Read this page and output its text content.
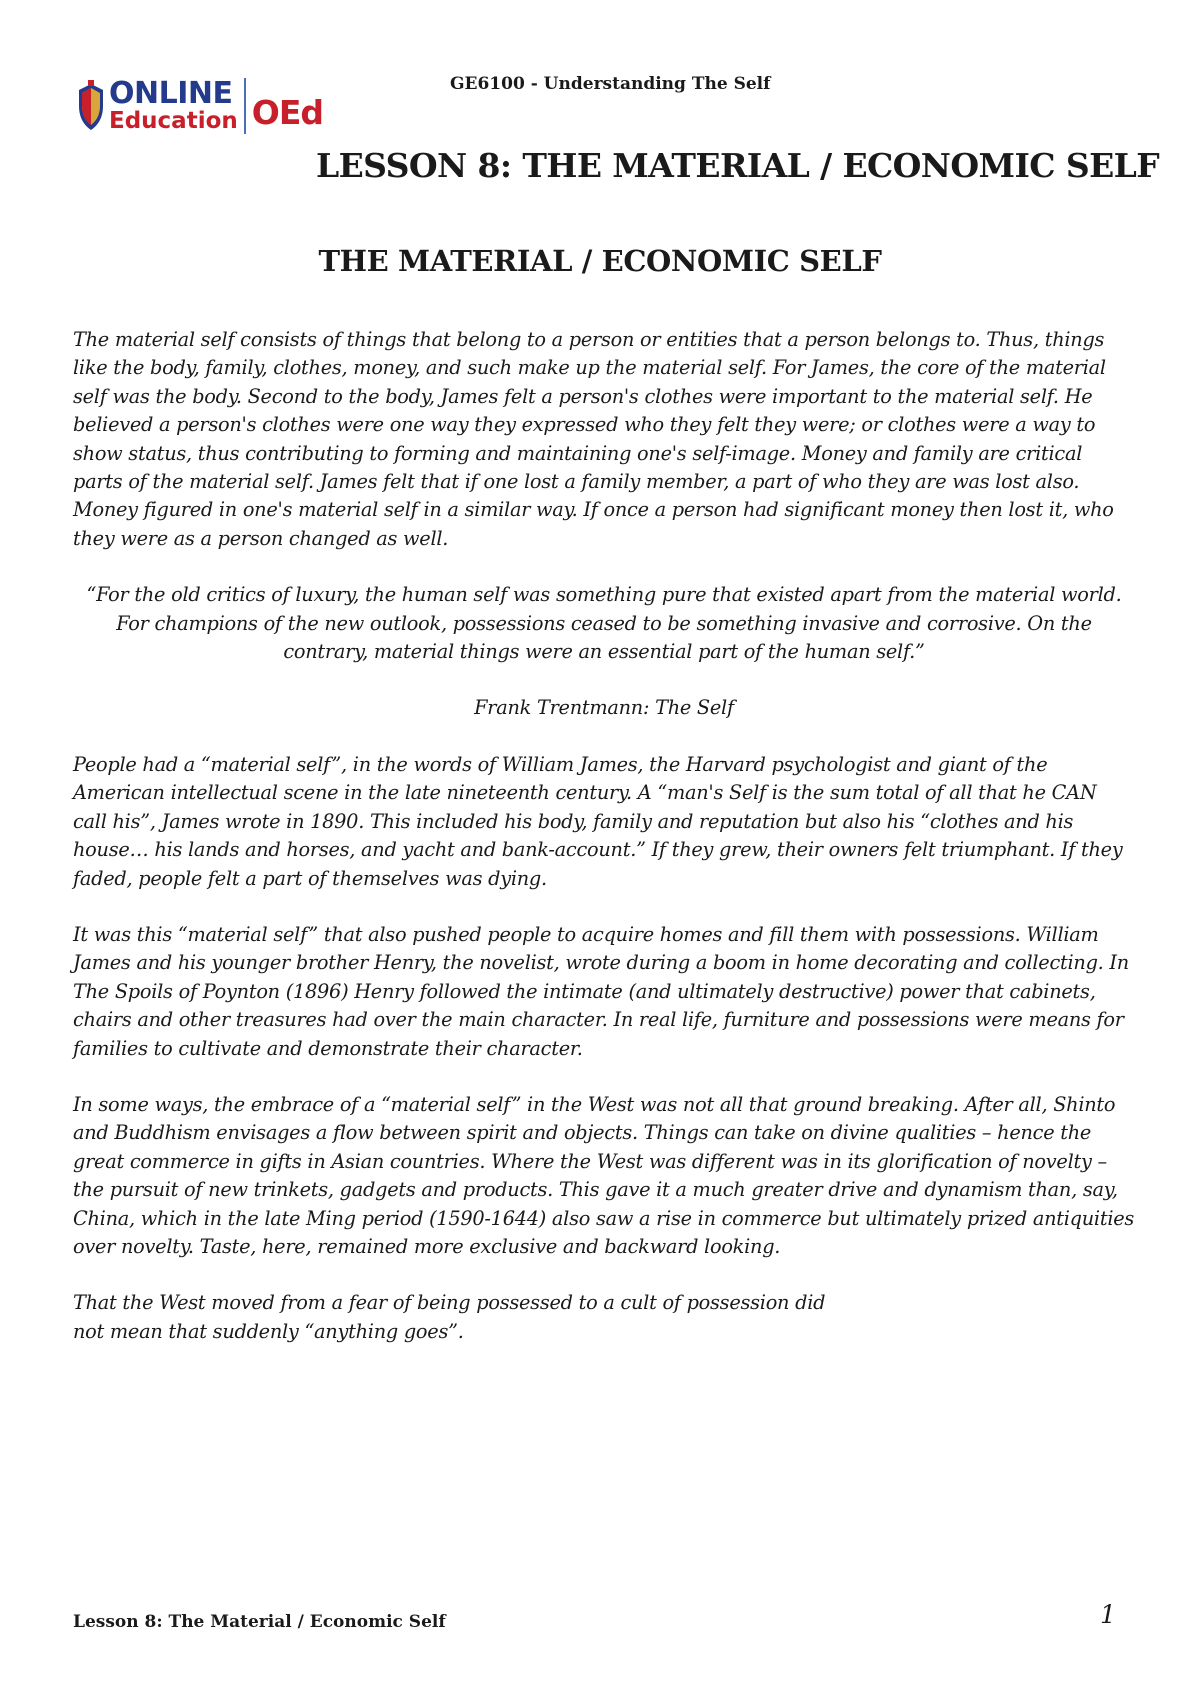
ONLINE
Education OEd
GE6100 - Understanding The Self
LESSON 8: THE MATERIAL / ECONOMIC SELF
THE MATERIAL / ECONOMIC SELF

The material self consists of things that belong to a person or entities that a person belongs to. Thus, things like the body, family, clothes, money, and such make up the material self. For James, the core of the material self was the body. Second to the body, James felt a person's clothes were important to the material self. He believed a person's clothes were one way they expressed who they felt they were; or clothes were a way to show status, thus contributing to forming and maintaining one's self-image. Money and family are critical parts of the material self. James felt that if one lost a family member, a part of who they are was lost also. Money figured in one's material self in a similar way. If once a person had significant money then lost it, who they were as a person changed as well.

“For the old critics of luxury, the human self was something pure that existed apart from the material world. For champions of the new outlook, possessions ceased to be something invasive and corrosive. On the contrary, material things were an essential part of the human self.”

Frank Trentmann: The Self

People had a “material self”, in the words of William James, the Harvard psychologist and giant of the American intellectual scene in the late nineteenth century. A “man's Self is the sum total of all that he CAN call his”, James wrote in 1890. This included his body, family and reputation but also his “clothes and his house… his lands and horses, and yacht and bank-account.” If they grew, their owners felt triumphant. If they faded, people felt a part of themselves was dying.

It was this “material self” that also pushed people to acquire homes and fill them with possessions. William James and his younger brother Henry, the novelist, wrote during a boom in home decorating and collecting. In The Spoils of Poynton (1896) Henry followed the intimate (and ultimately destructive) power that cabinets, chairs and other treasures had over the main character. In real life, furniture and possessions were means for families to cultivate and demonstrate their character.

In some ways, the embrace of a “material self” in the West was not all that ground breaking. After all, Shinto and Buddhism envisages a flow between spirit and objects. Things can take on divine qualities – hence the great commerce in gifts in Asian countries. Where the West was different was in its glorification of novelty – the pursuit of new trinkets, gadgets and products. This gave it a much greater drive and dynamism than, say, China, which in the late Ming period (1590-1644) also saw a rise in commerce but ultimately prized antiquities over novelty. Taste, here, remained more exclusive and backward looking.

That the West moved from a fear of being possessed to a cult of possession did
not mean that suddenly “anything goes”.

Lesson 8: The Material / Economic Self	1
